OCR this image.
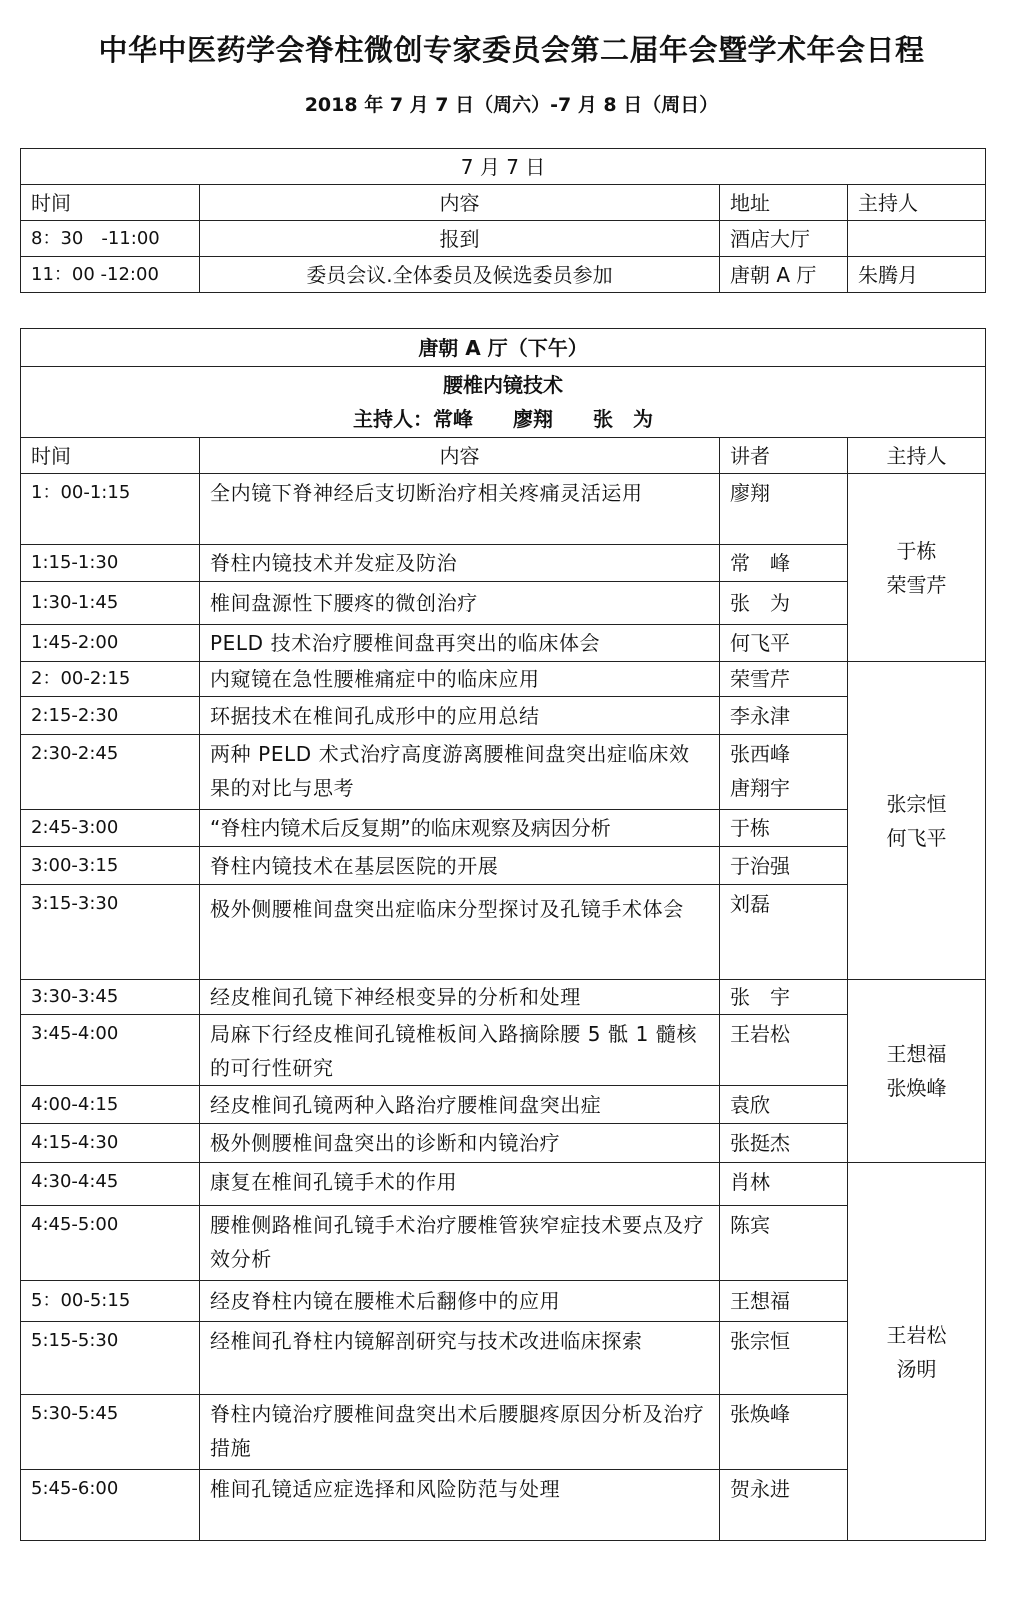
中华中医药学会脊柱微创专家委员会第二届年会暨学术年会日程
2018 年 7 月 7 日（周六）-7 月 8 日（周日）
7 月 7 日			
时间	内容	地址	主持人
8：30　-11:00	报到	酒店大厅	
11：00 -12:00	委员会议.全体委员及候选委员参加	唐朝 A 厅	朱腾月
唐朝 A 厅（下午）			

腰椎内镜技术
主持人：常峰　　廖翔　　张　为			

时间	内容	讲者	主持人
1：00-1:15	全内镜下脊神经后支切断治疗相关疼痛灵活运用	廖翔	于栋
荣雪芹

1:15-1:30	脊柱内镜技术并发症及防治	常　峰	
1:30-1:45	椎间盘源性下腰疼的微创治疗	张　为	
1:45-2:00	PELD 技术治疗腰椎间盘再突出的临床体会	何飞平	
2：00-2:15	内窥镜在急性腰椎痛症中的临床应用	荣雪芹	张宗恒
何飞平

2:15-2:30	环据技术在椎间孔成形中的应用总结	李永津	
2:30-2:45	两种 PELD 术式治疗高度游离腰椎间盘突出症临床效果的对比与思考	张西峰
唐翔宇	

2:45-3:00	“脊柱内镜术后反复期”的临床观察及病因分析	于栋	
3:00-3:15	脊柱内镜技术在基层医院的开展	于治强	
3:15-3:30	极外侧腰椎间盘突出症临床分型探讨及孔镜手术体会	刘磊	
3:30-3:45	经皮椎间孔镜下神经根变异的分析和处理	张　宇	王想福
张焕峰

3:45-4:00	局麻下行经皮椎间孔镜椎板间入路摘除腰 5 骶 1 髓核的可行性研究	王岩松	
4:00-4:15	经皮椎间孔镜两种入路治疗腰椎间盘突出症	袁欣	
4:15-4:30	极外侧腰椎间盘突出的诊断和内镜治疗	张挺杰	
4:30-4:45	康复在椎间孔镜手术的作用	肖林	王岩松
汤明

4:45-5:00	腰椎侧路椎间孔镜手术治疗腰椎管狭窄症技术要点及疗效分析	陈宾	
5：00-5:15	经皮脊柱内镜在腰椎术后翻修中的应用	王想福	
5:15-5:30	经椎间孔脊柱内镜解剖研究与技术改进临床探索	张宗恒	
5:30-5:45	脊柱内镜治疗腰椎间盘突出术后腰腿疼原因分析及治疗措施	张焕峰	
5:45-6:00	椎间孔镜适应症选择和风险防范与处理	贺永进	
